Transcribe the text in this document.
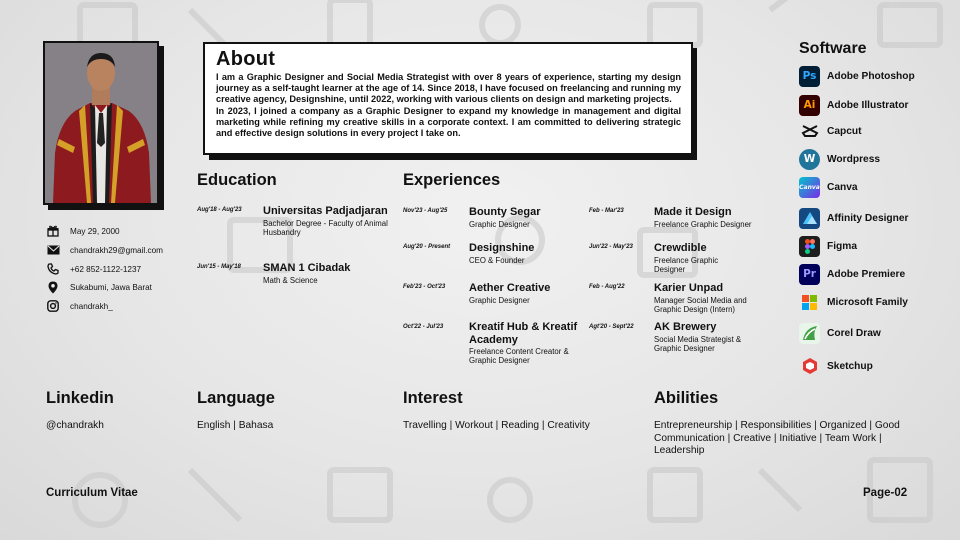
About

I am a Graphic Designer and Social Media Strategist with over 8 years of experience, starting my design journey as a self-taught learner at the age of 14. Since 2018, I have focused on freelancing and running my creative agency, Designshine, until 2022, working with various clients on design and marketing projects.

In 2023, I joined a company as a Graphic Designer to expand my knowledge in management and digital marketing while refining my creative skills in a corporate context. I am committed to delivering strategic and effective design solutions in every project I take on.

May 29, 2000
chandrakh29@gmail.com
+62 852-1122-1237
Sukabumi, Jawa Barat
chandrakh_
Education
Aug'18 - Aug'23 Universitas Padjadjaran
Bachelor Degree - Faculty of Animal Husbandry
Jun'15 - May'18 SMAN 1 Cibadak
Math & Science
Experiences
Nov'23 - Aug'25 Bounty Segar
Graphic Designer
Aug'20 - Present Designshine
CEO & Founder
Feb'23 - Oct'23 Aether Creative
Graphic Designer
Oct'22 - Jul'23 Kreatif Hub & Kreatif Academy
Freelance Content Creator & Graphic Designer
Feb - Mar'23	Made it Design
Freelance Graphic Designer
Jun'22 - May'23 Crewdible
Freelance Graphic Designer
Feb - Aug'22	Karier Unpad
Manager Social Media and Graphic Design (Intern)
Agt'20 - Sept'22 AK Brewery
Social Media Strategist & Graphic Designer
Software
Ps	Adobe Photoshop
Ai	Adobe Illustrator
Capcut
W	Wordpress
Canva Canva
Affinity Designer
Figma
Pr	Adobe Premiere
Microsoft Family
Corel Draw
Sketchup
Linkedin
@chandrakh
Language
English | Bahasa
Interest
Travelling | Workout | Reading | Creativity
Abilities
Entrepreneurship | Responsibilities | Organized | Good Communication | Creative | Initiative | Team Work | Leadership
Curriculum Vitae	Page-02
